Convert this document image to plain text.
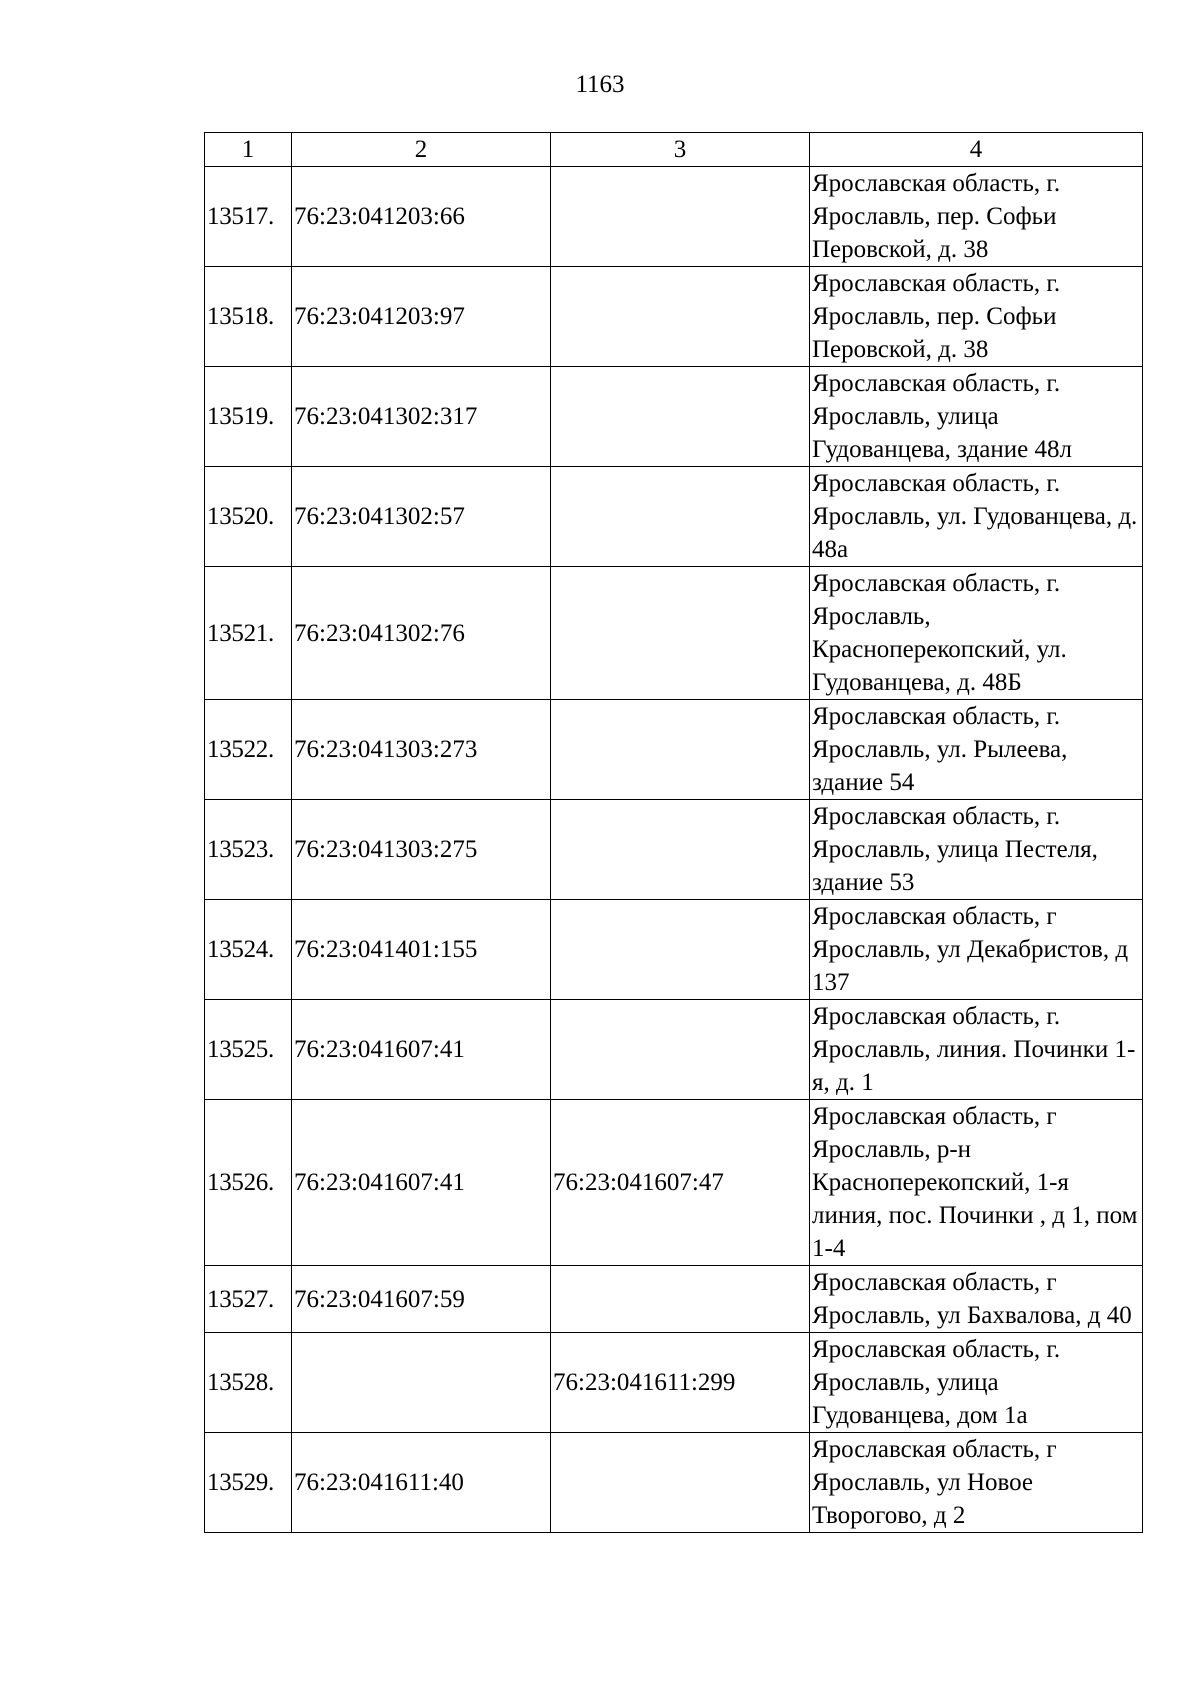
1163
1	2	3	4
13517.	76:23:041203:66		Ярославская область, г. Ярославль, пер. Софьи Перовской, д. 38
13518.	76:23:041203:97		Ярославская область, г. Ярославль, пер. Софьи Перовской, д. 38
13519.	76:23:041302:317		Ярославская область, г. Ярославль, улица Гудованцева, здание 48л
13520.	76:23:041302:57		Ярославская область, г. Ярославль, ул. Гудованцева, д. 48а
13521.	76:23:041302:76		Ярославская область, г. Ярославль, Красноперекопский, ул. Гудованцева, д. 48Б
13522.	76:23:041303:273		Ярославская область, г. Ярославль, ул. Рылеева, здание 54
13523.	76:23:041303:275		Ярославская область, г. Ярославль, улица Пестеля, здание 53
13524.	76:23:041401:155		Ярославская область, г Ярославль, ул Декабристов, д 137
13525.	76:23:041607:41		Ярославская область, г. Ярославль, линия. Починки 1-я, д. 1
13526.	76:23:041607:41	76:23:041607:47	Ярославская область, г Ярославль, р-н Красноперекопский, 1-я линия, пос. Починки , д 1, пом 1-4
13527.	76:23:041607:59		Ярославская область, г Ярославль, ул Бахвалова, д 40
13528.		76:23:041611:299	Ярославская область, г. Ярославль, улица Гудованцева, дом 1а
13529.	76:23:041611:40		Ярославская область, г Ярославль, ул Новое Творогово, д 2
